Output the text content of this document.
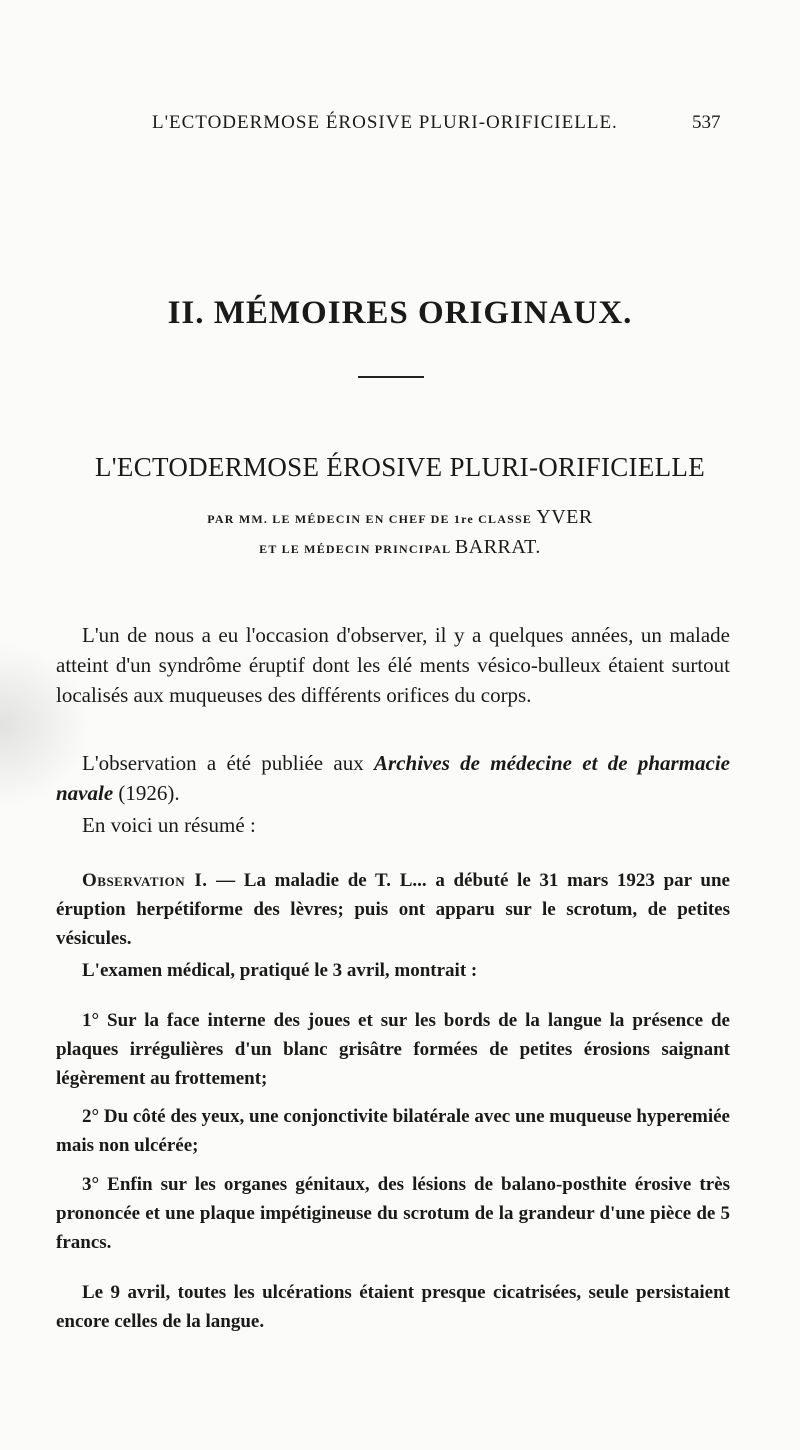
L'ECTODERMOSE ÉROSIVE PLURI-ORIFICIELLE.	537
II. MÉMOIRES ORIGINAUX.
L'ECTODERMOSE ÉROSIVE PLURI-ORIFICIELLE
PAR MM. LE MÉDECIN EN CHEF DE 1re CLASSE YVER
ET LE MÉDECIN PRINCIPAL BARRAT.

L'un de nous a eu l'occasion d'observer, il y a quelques années, un malade atteint d'un syndrôme éruptif dont les élé ments vésico-bulleux étaient surtout localisés aux muqueuses des différents orifices du corps.

L'observation a été publiée aux Archives de médecine et de pharmacie navale (1926).

En voici un résumé :

Observation I. — La maladie de T. L... a débuté le 31 mars 1923 par une éruption herpétiforme des lèvres; puis ont apparu sur le scrotum, de petites vésicules.

L'examen médical, pratiqué le 3 avril, montrait :

1° Sur la face interne des joues et sur les bords de la langue la présence de plaques irrégulières d'un blanc grisâtre formées de petites érosions saignant légèrement au frottement;

2° Du côté des yeux, une conjonctivite bilatérale avec une muqueuse hyperemiée mais non ulcérée;

3° Enfin sur les organes génitaux, des lésions de balano-posthite érosive très prononcée et une plaque impétigineuse du scrotum de la grandeur d'une pièce de 5 francs.

Le 9 avril, toutes les ulcérations étaient presque cicatrisées, seule persistaient encore celles de la langue.
